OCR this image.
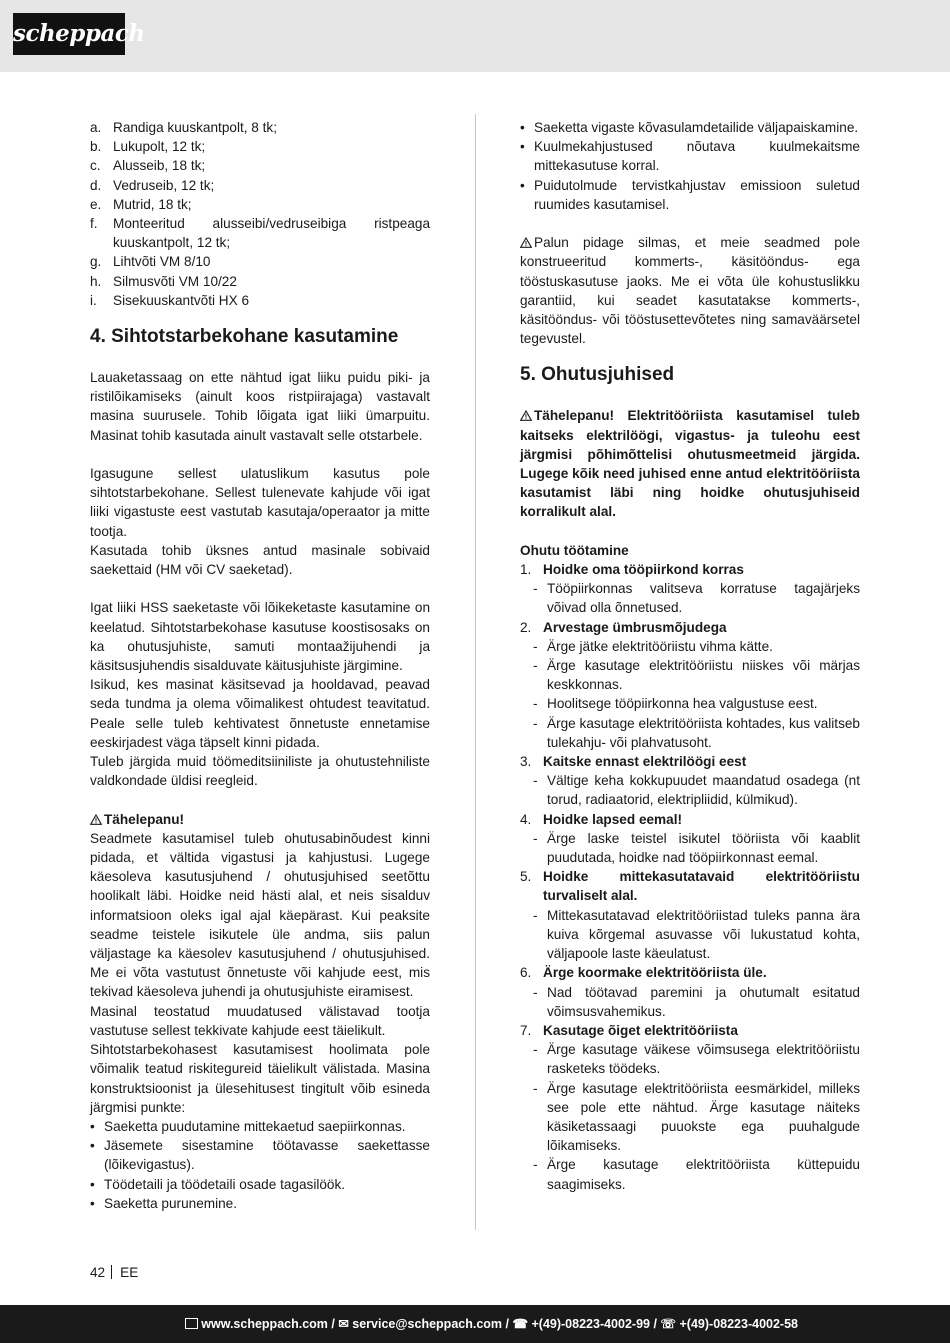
scheppach
a. Randiga kuuskantpolt, 8 tk;
b. Lukupolt, 12 tk;
c. Alusseib, 18 tk;
d. Vedruseib, 12 tk;
e. Mutrid, 18 tk;
f. Monteeritud alusseibi/vedruseibiga ristpeaga kuuskantpolt, 12 tk;
g. Lihtvõti VM 8/10
h. Silmusvõti VM 10/22
i. Sisekuuskantvõti HX 6
4. Sihtotstarbekohane kasutamine

Lauaketassaag on ette nähtud igat liiku puidu piki- ja ristilõikamiseks (ainult koos ristpiirajaga) vastavalt masina suurusele. Tohib lõigata igat liiki ümarpuitu. Masinat tohib kasutada ainult vastavalt selle otstarbele.

Igasugune sellest ulatuslikum kasutus pole sihtotstarbekohane. Sellest tulenevate kahjude või igat liiki vigastuste eest vastutab kasutaja/operaator ja mitte tootja.

Kasutada tohib üksnes antud masinale sobivaid saekettaid (HM või CV saeketad).

Igat liiki HSS saeketaste või lõikeketaste kasutamine on keelatud. Sihtotstarbekohase kasutuse koostisosaks on ka ohutusjuhiste, samuti montaažijuhendi ja käsitsusjuhendis sisalduvate käitusjuhiste järgimine.

Isikud, kes masinat käsitsevad ja hooldavad, peavad seda tundma ja olema võimalikest ohtudest teavitatud. Peale selle tuleb kehtivatest õnnetuste ennetamise eeskirjadest väga täpselt kinni pidada.

Tuleb järgida muid töömeditsiiniliste ja ohutustehniliste valdkondade üldisi reegleid.

Tähelepanu!

Seadmete kasutamisel tuleb ohutusabinõudest kinni pidada, et vältida vigastusi ja kahjustusi. Lugege käesoleva kasutusjuhend / ohutusjuhised seetõttu hoolikalt läbi. Hoidke neid hästi alal, et neis sisalduv informatsioon oleks igal ajal käepärast. Kui peaksite seadme teistele isikutele üle andma, siis palun väljastage ka käesolev kasutusjuhend / ohutusjuhised. Me ei võta vastutust õnnetuste või kahjude eest, mis tekivad käesoleva juhendi ja ohutusjuhiste eiramisest.

Masinal teostatud muudatused välistavad tootja vastutuse sellest tekkivate kahjude eest täielikult.

Sihtotstarbekohasest kasutamisest hoolimata pole võimalik teatud riskitegureid täielikult välistada. Masina konstruktsioonist ja ülesehitusest tingitult võib esineda järgmisi punkte:

• Saeketta puudutamine mittekaetud saepiirkonnas.
• Jäsemete sisestamine töötavasse saekettasse (lõikevigastus).
• Töödetaili ja töödetaili osade tagasilöök.
• Saeketta purunemine.
• Saeketta vigaste kõvasulamdetailide väljapaiskamine.
• Kuulmekahjustused nõutava kuulmekaitsme mittekasutuse korral.
• Puidutolmude tervistkahjustav emissioon suletud ruumides kasutamisel.

Palun pidage silmas, et meie seadmed pole konstrueeritud kommerts-, käsitööndus- ega tööstuskasutuse jaoks. Me ei võta üle kohustuslikku garantiid, kui seadet kasutatakse kommerts-, käsitööndus- või tööstusettevõtetes ning samaväärsetel tegevustel.

5. Ohutusjuhised

Tähelepanu! Elektritööriista kasutamisel tuleb kaitseks elektrilöögi, vigastus- ja tuleohu eest järgmisi põhimõttelisi ohutusmeetmeid järgida. Lugege kõik need juhised enne antud elektritööriista kasutamist läbi ning hoidke ohutusjuhiseid korralikult alal.

Ohutu töötamine

1. Hoidke oma tööpiirkond korras
- Tööpiirkonnas valitseva korratuse tagajärjeks võivad olla õnnetused.
2. Arvestage ümbrusmõjudega
- Ärge jätke elektritööriistu vihma kätte.
- Ärge kasutage elektritööriistu niiskes või märjas keskkonnas.
- Hoolitsege tööpiirkonna hea valgustuse eest.
- Ärge kasutage elektritööriista kohtades, kus valitseb tulekahju- või plahvatusoht.
3. Kaitske ennast elektrilöögi eest
- Vältige keha kokkupuudet maandatud osadega (nt torud, radiaatorid, elektripliidid, külmikud).
4. Hoidke lapsed eemal!
- Ärge laske teistel isikutel tööriista või kaablit puudutada, hoidke nad tööpiirkonnast eemal.
5. Hoidke mittekasutatavaid elektritööriistu turvaliselt alal.
- Mittekasutatavad elektritööriistad tuleks panna ära kuiva kõrgemal asuvasse või lukustatud kohta, väljapoole laste käeulatust.
6. Ärge koormake elektritööriista üle.
- Nad töötavad paremini ja ohutumalt esitatud võimsusvahemikus.
7. Kasutage õiget elektritööriista
- Ärge kasutage väikese võimsusega elektritööriistu rasketeks töödeks.
- Ärge kasutage elektritööriista eesmärkidel, milleks see pole ette nähtud. Ärge kasutage näiteks käsiketassaagi puuokste ega puuhalgude lõikamiseks.
- Ärge kasutage elektritööriista küttepuidu saagimiseks.
42 EE
www.scheppach.com / ✉ service@scheppach.com / ☎ +(49)-08223-4002-99 / ☏ +(49)-08223-4002-58
